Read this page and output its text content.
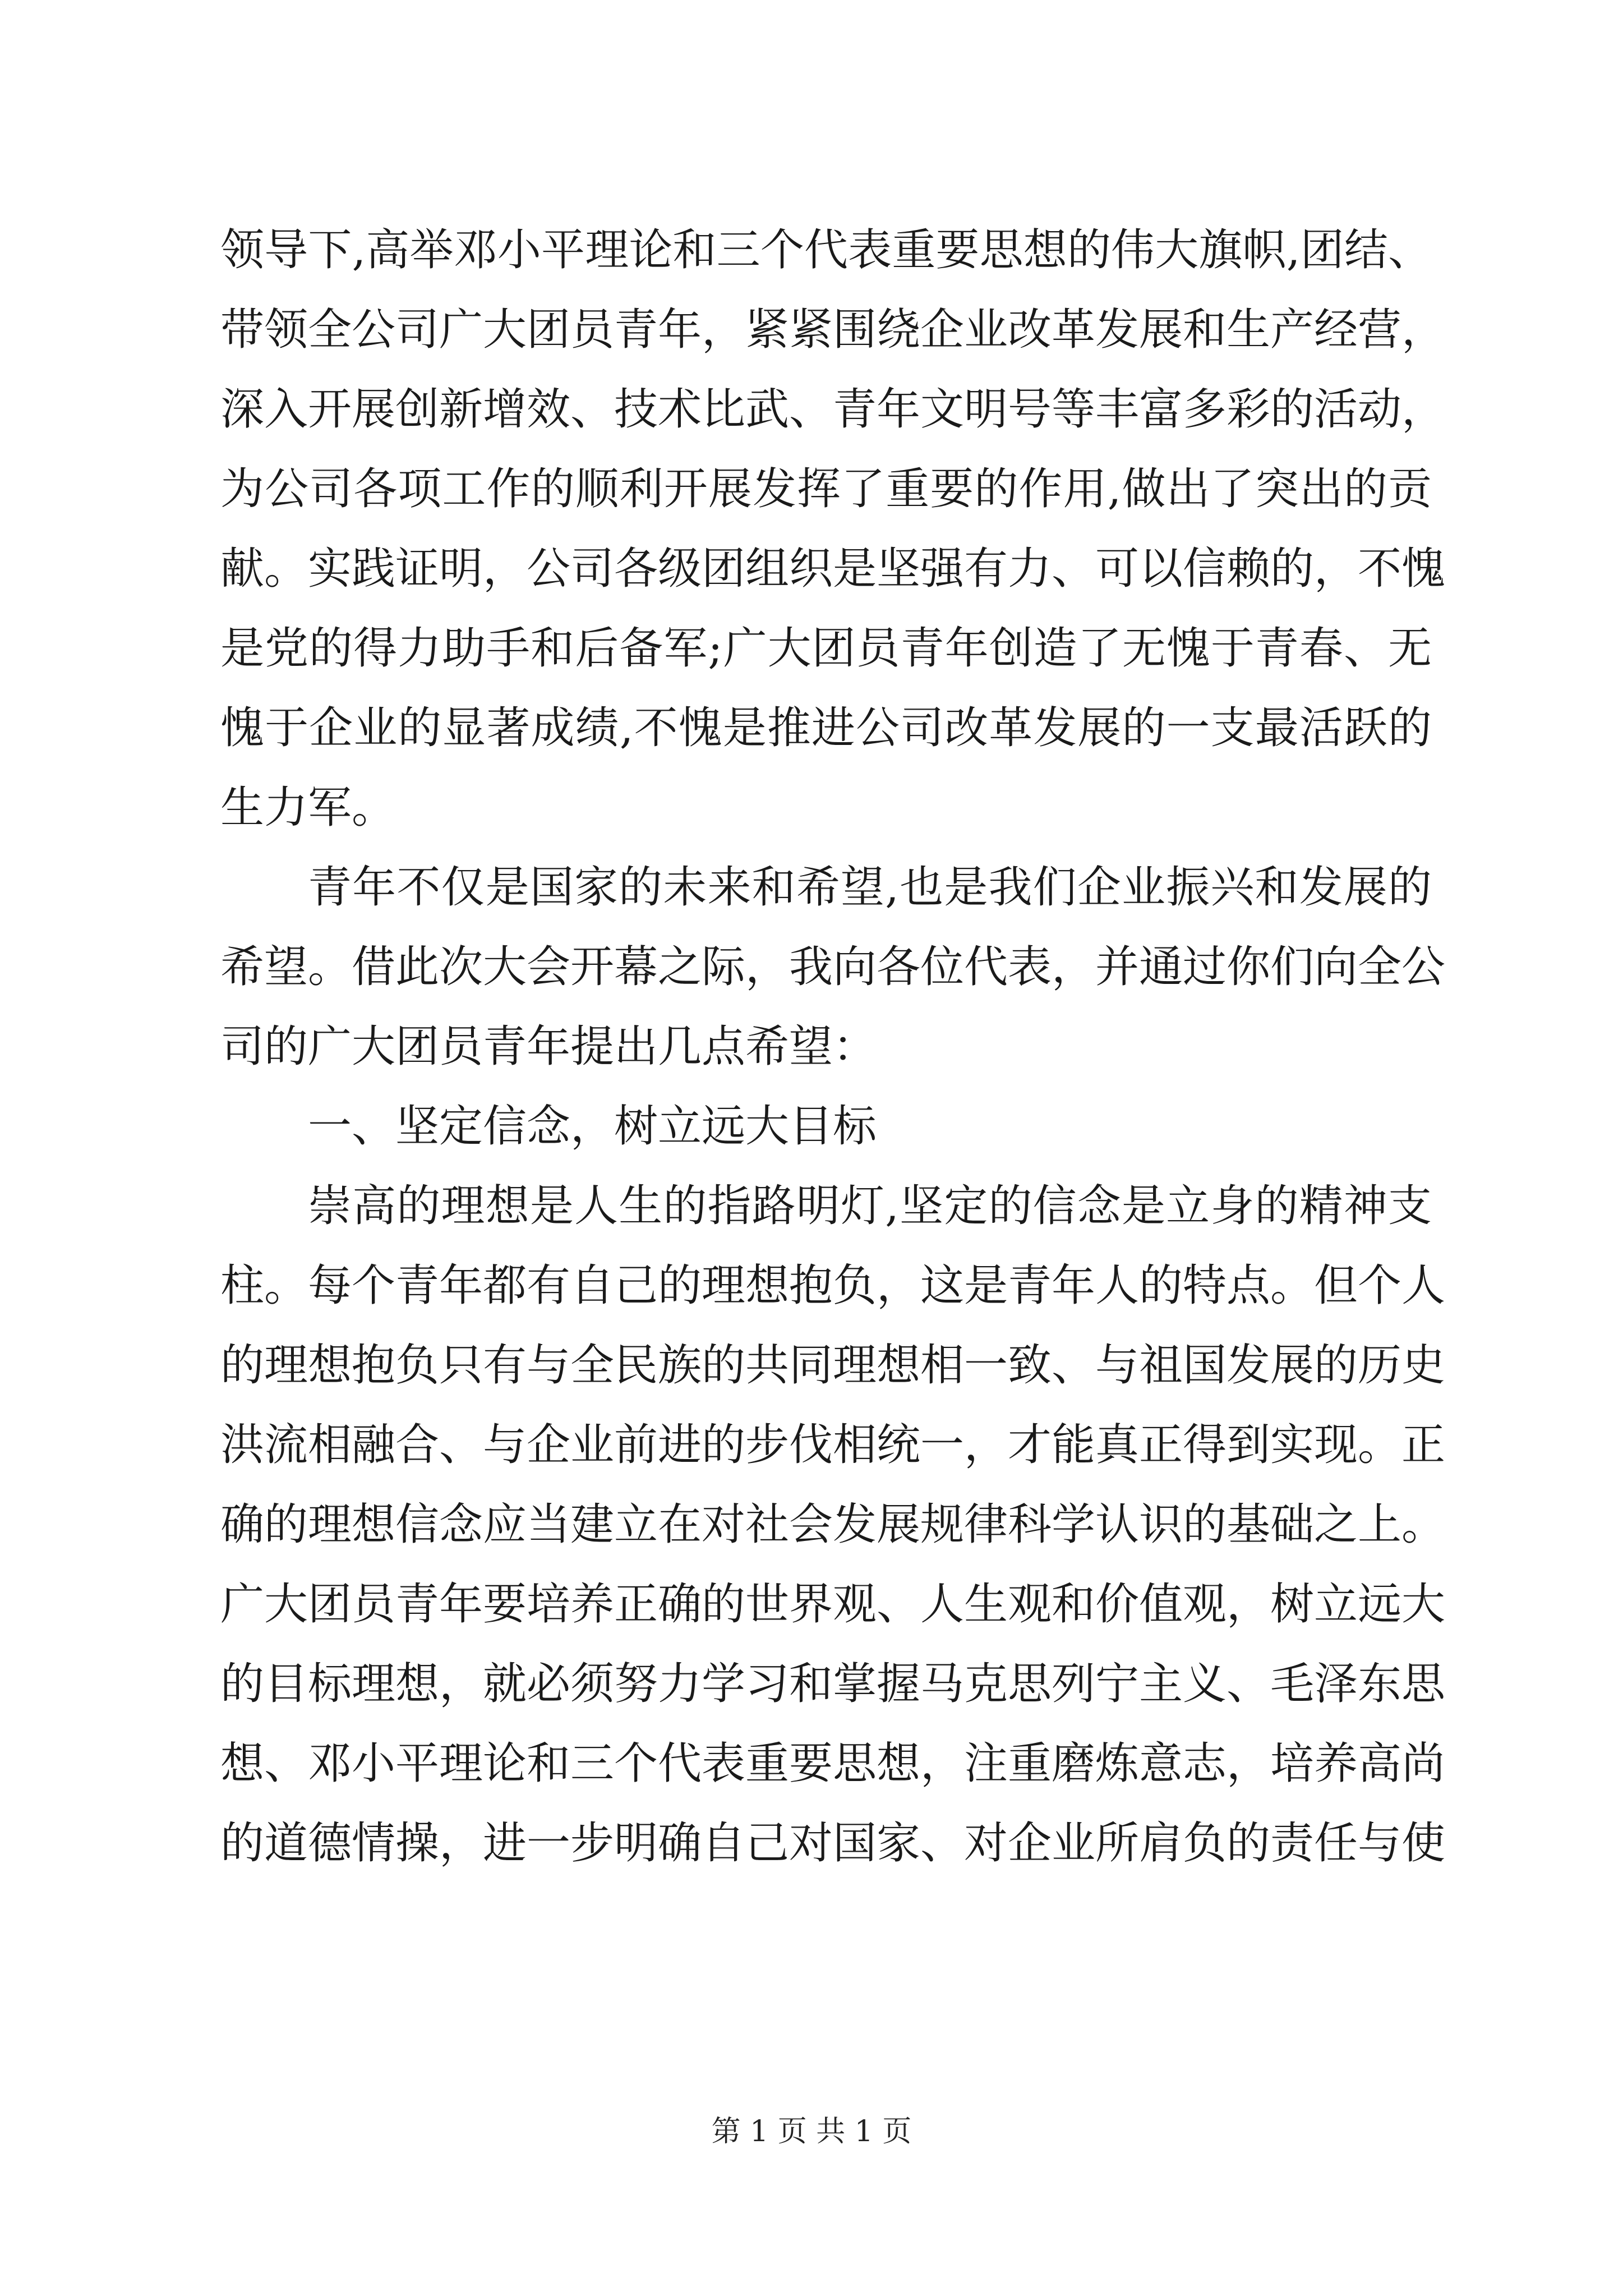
领导下,高举邓小平理论和三个代表重要思想的伟大旗帜,团结、
带领全公司广大团员青年，紧紧围绕企业改革发展和生产经营，
深入开展创新增效、技术比武、青年文明号等丰富多彩的活动，
为公司各项工作的顺利开展发挥了重要的作用,做出了突出的贡
献。实践证明，公司各级团组织是坚强有力、可以信赖的，不愧
是党的得力助手和后备军;广大团员青年创造了无愧于青春、无
愧于企业的显著成绩,不愧是推进公司改革发展的一支最活跃的
生力军。
青年不仅是国家的未来和希望,也是我们企业振兴和发展的
希望。借此次大会开幕之际，我向各位代表，并通过你们向全公
司的广大团员青年提出几点希望：
一、坚定信念，树立远大目标
崇高的理想是人生的指路明灯,坚定的信念是立身的精神支
柱。每个青年都有自己的理想抱负，这是青年人的特点。但个人
的理想抱负只有与全民族的共同理想相一致、与祖国发展的历史
洪流相融合、与企业前进的步伐相统一，才能真正得到实现。正
确的理想信念应当建立在对社会发展规律科学认识的基础之上。
广大团员青年要培养正确的世界观、人生观和价值观，树立远大
的目标理想，就必须努力学习和掌握马克思列宁主义、毛泽东思
想、邓小平理论和三个代表重要思想，注重磨炼意志，培养高尚
的道德情操，进一步明确自己对国家、对企业所肩负的责任与使
第 1 页 共 1 页
